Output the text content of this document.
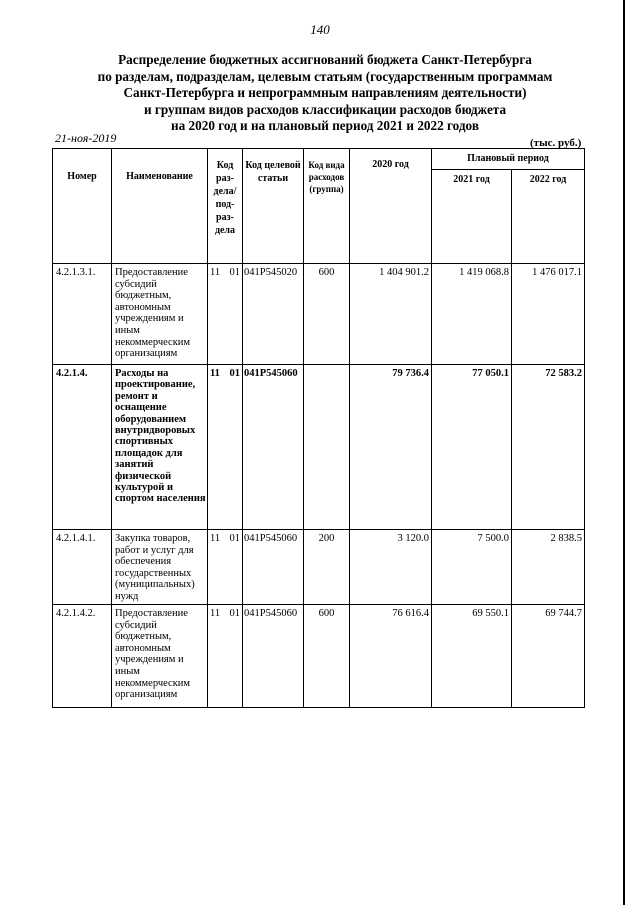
140
Распределение бюджетных ассигнований бюджета Санкт-Петербурга
по разделам, подразделам, целевым статьям (государственным программам
Санкт-Петербурга и непрограммным направлениям деятельности)
и группам видов расходов классификации расходов бюджета
на 2020 год и на плановый период 2021 и 2022 годов
21-ноя-2019	(тыс. руб.)
Номер	Наименование	Код раз-дела/ под-раз-дела	Код целевой статьи	Код вида расходов (группа)	2020 год	Плановый период	
						2021 год	2022 год
4.2.1.3.1.	Предоставление субсидий бюджетным, автономным учреждениям и иным некоммерческим организациям	11 01	041P545020	600	1 404 901.2	1 419 068.8	1 476 017.1
4.2.1.4.	Расходы на проектирование, ремонт и оснащение оборудованием внутридворовых спортивных площадок для занятий физической культурой и спортом населения	11 01	041P545060		79 736.4	77 050.1	72 583.2
4.2.1.4.1.	Закупка товаров, работ и услуг для обеспечения государственных (муниципальных) нужд	11 01	041P545060	200	3 120.0	7 500.0	2 838.5
4.2.1.4.2.	Предоставление субсидий бюджетным, автономным учреждениям и иным некоммерческим организациям	11 01	041P545060	600	76 616.4	69 550.1	69 744.7
